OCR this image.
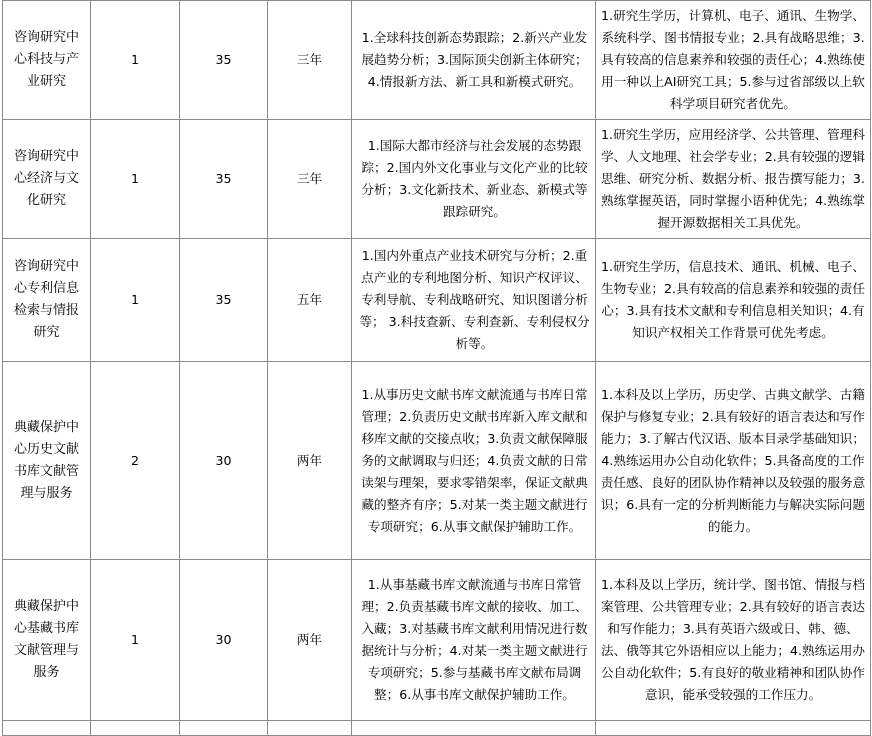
咨询研究中心科技与产业研究	1	35	三年	1.全球科技创新态势跟踪；2.新兴产业发展趋势分析；3.国际顶尖创新主体研究；4.情报新方法、新工具和新模式研究。	1.研究生学历，计算机、电子、通讯、生物学、系统科学、图书情报专业；2.具有战略思维；3.具有较高的信息素养和较强的责任心；4.熟练使用一种以上AI研究工具；5.参与过省部级以上软科学项目研究者优先。
咨询研究中心经济与文化研究	1	35	三年	1.国际大都市经济与社会发展的态势跟踪；2.国内外文化事业与文化产业的比较分析；3.文化新技术、新业态、新模式等跟踪研究。	1.研究生学历，应用经济学、公共管理、管理科学、人文地理、社会学专业；2.具有较强的逻辑思维、研究分析、数据分析、报告撰写能力；3.熟练掌握英语，同时掌握小语种优先；4.熟练掌握开源数据相关工具优先。
咨询研究中心专利信息检索与情报研究	1	35	五年	1.国内外重点产业技术研究与分析；2.重点产业的专利地图分析、知识产权评议、专利导航、专利战略研究、知识图谱分析等； 3.科技查新、专利查新、专利侵权分析等。	1.研究生学历，信息技术、通讯、机械、电子、生物专业；2.具有较高的信息素养和较强的责任心；3.具有技术文献和专利信息相关知识；4.有知识产权相关工作背景可优先考虑。
典藏保护中心历史文献书库文献管理与服务	2	30	两年	1.从事历史文献书库文献流通与书库日常管理；2.负责历史文献书库新入库文献和移库文献的交接点收；3.负责文献保障服务的文献调取与归还；4.负责文献的日常读架与理架，要求零错架率，保证文献典藏的整齐有序；5.对某一类主题文献进行专项研究；6.从事文献保护辅助工作。	1.本科及以上学历，历史学、古典文献学、古籍保护与修复专业；2.具有较好的语言表达和写作能力；3.了解古代汉语、版本目录学基础知识；4.熟练运用办公自动化软件；5.具备高度的工作责任感、良好的团队协作精神以及较强的服务意识；6.具有一定的分析判断能力与解决实际问题的能力。
典藏保护中心基藏书库文献管理与服务	1	30	两年	1.从事基藏书库文献流通与书库日常管理；2.负责基藏书库文献的接收、加工、入藏；3.对基藏书库文献利用情况进行数据统计与分析；4.对某一类主题文献进行专项研究；5.参与基藏书库文献布局调整；6.从事书库文献保护辅助工作。	1.本科及以上学历，统计学、图书馆、情报与档案管理、公共管理专业；2.具有较好的语言表达和写作能力；3.具有英语六级或日、韩、德、法、俄等其它外语相应以上能力；4.熟练运用办公自动化软件；5.有良好的敬业精神和团队协作意识，能承受较强的工作压力。
